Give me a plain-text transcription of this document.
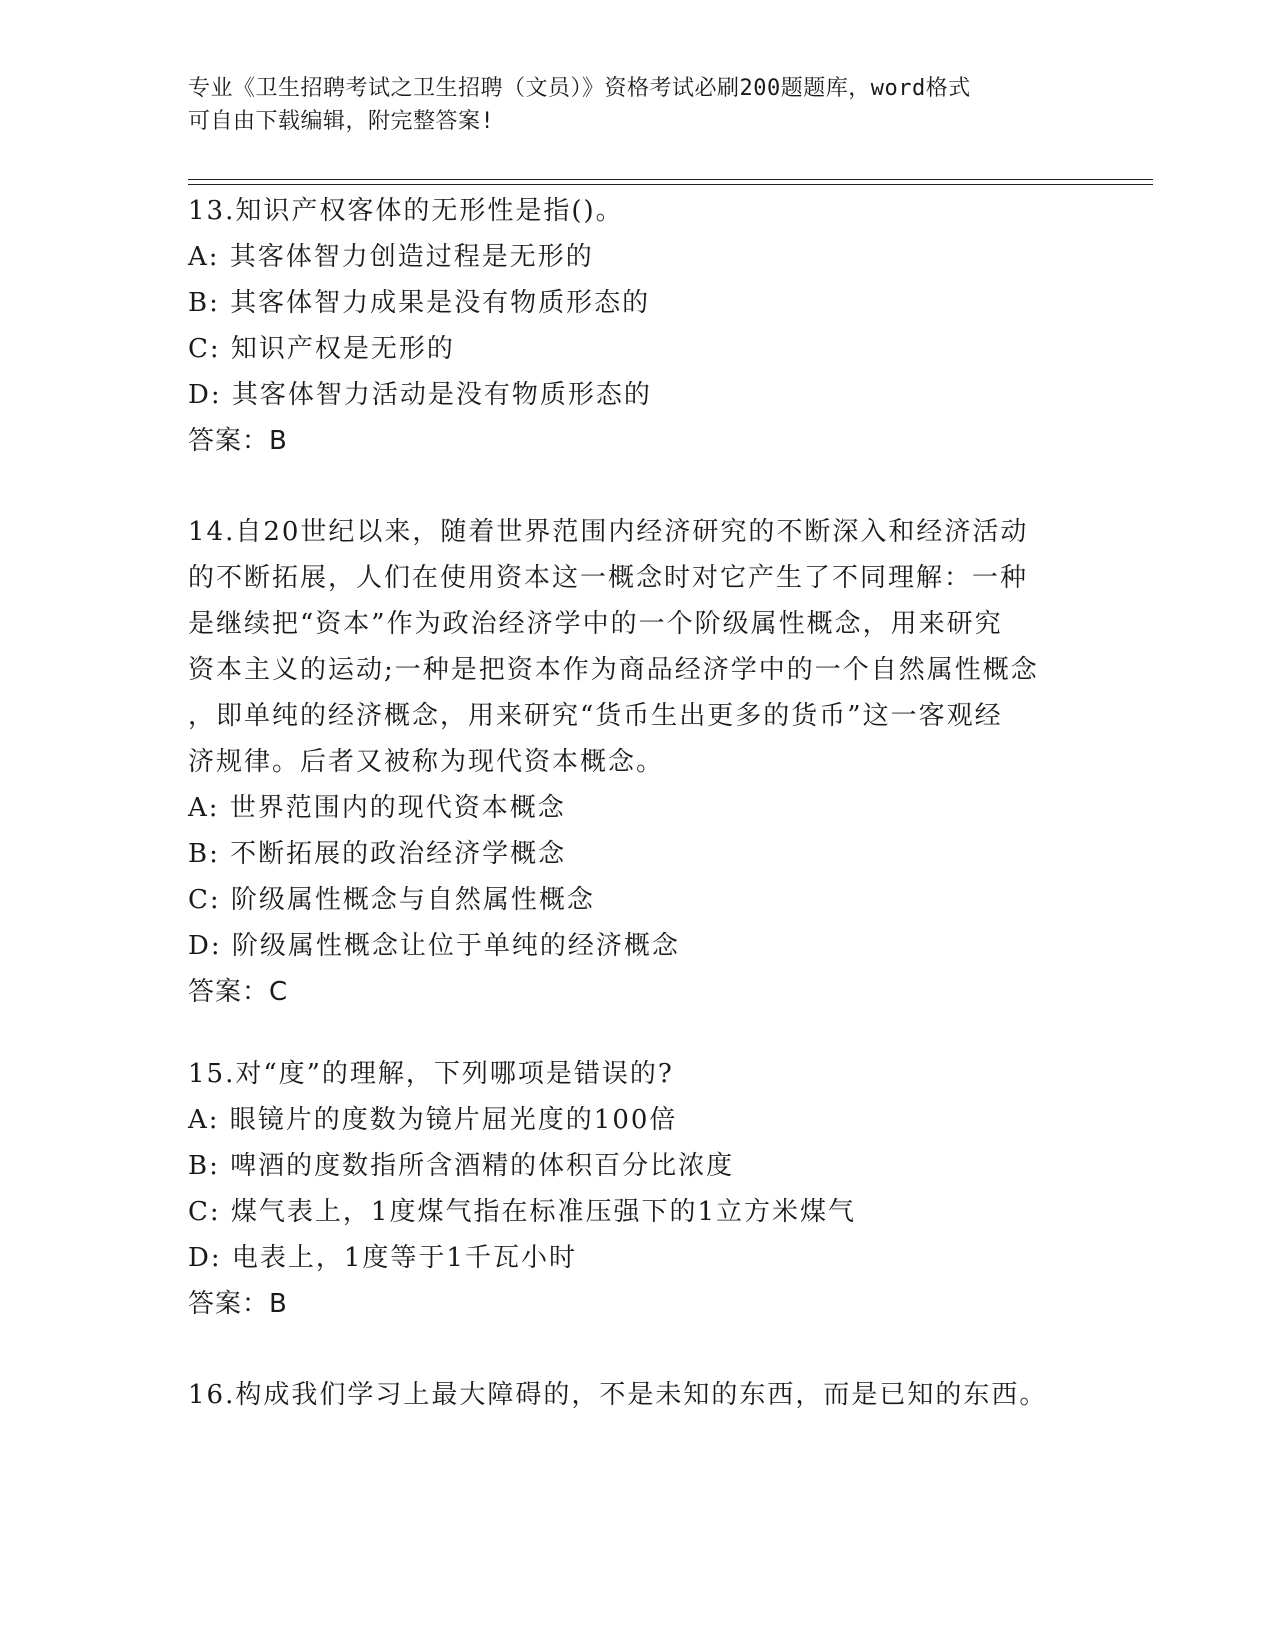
专业《卫生招聘考试之卫生招聘（文员）》资格考试必刷200题题库，word格式
可自由下载编辑，附完整答案!
13.知识产权客体的无形性是指()。
A: 其客体智力创造过程是无形的
B: 其客体智力成果是没有物质形态的
C: 知识产权是无形的
D: 其客体智力活动是没有物质形态的
答案：B
14.自20世纪以来，随着世界范围内经济研究的不断深入和经济活动
的不断拓展，人们在使用资本这一概念时对它产生了不同理解：一种
是继续把“资本”作为政治经济学中的一个阶级属性概念，用来研究
资本主义的运动;一种是把资本作为商品经济学中的一个自然属性概念
，即单纯的经济概念，用来研究“货币生出更多的货币”这一客观经
济规律。后者又被称为现代资本概念。
A: 世界范围内的现代资本概念
B: 不断拓展的政治经济学概念
C: 阶级属性概念与自然属性概念
D: 阶级属性概念让位于单纯的经济概念
答案：C
15.对“度”的理解，下列哪项是错误的?
A: 眼镜片的度数为镜片屈光度的100倍
B: 啤酒的度数指所含酒精的体积百分比浓度
C: 煤气表上，1度煤气指在标准压强下的1立方米煤气
D: 电表上，1度等于1千瓦小时
答案：B
16.构成我们学习上最大障碍的，不是未知的东西，而是已知的东西。
